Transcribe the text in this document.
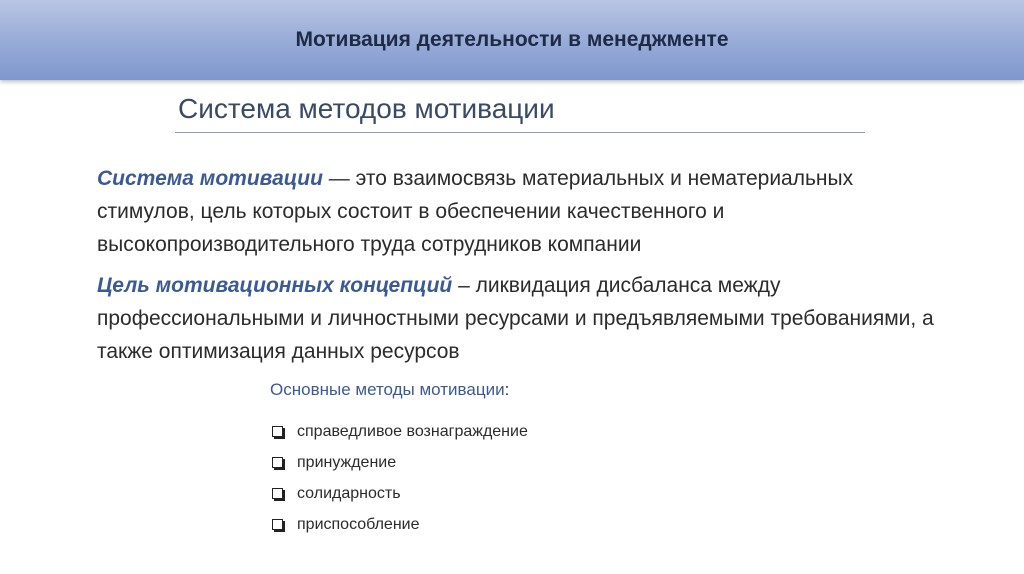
Мотивация деятельности в менеджменте
Система методов мотивации
Система мотивации — это взаимосвязь материальных и нематериальных стимулов, цель которых состоит в обеспечении качественного и высокопроизводительного труда сотрудников компании
Цель мотивационных концепций – ликвидация дисбаланса между профессиональными и личностными ресурсами и предъявляемыми требованиями, а также оптимизация данных ресурсов
Основные методы мотивации:
справедливое вознаграждение
принуждение
солидарность
приспособление
